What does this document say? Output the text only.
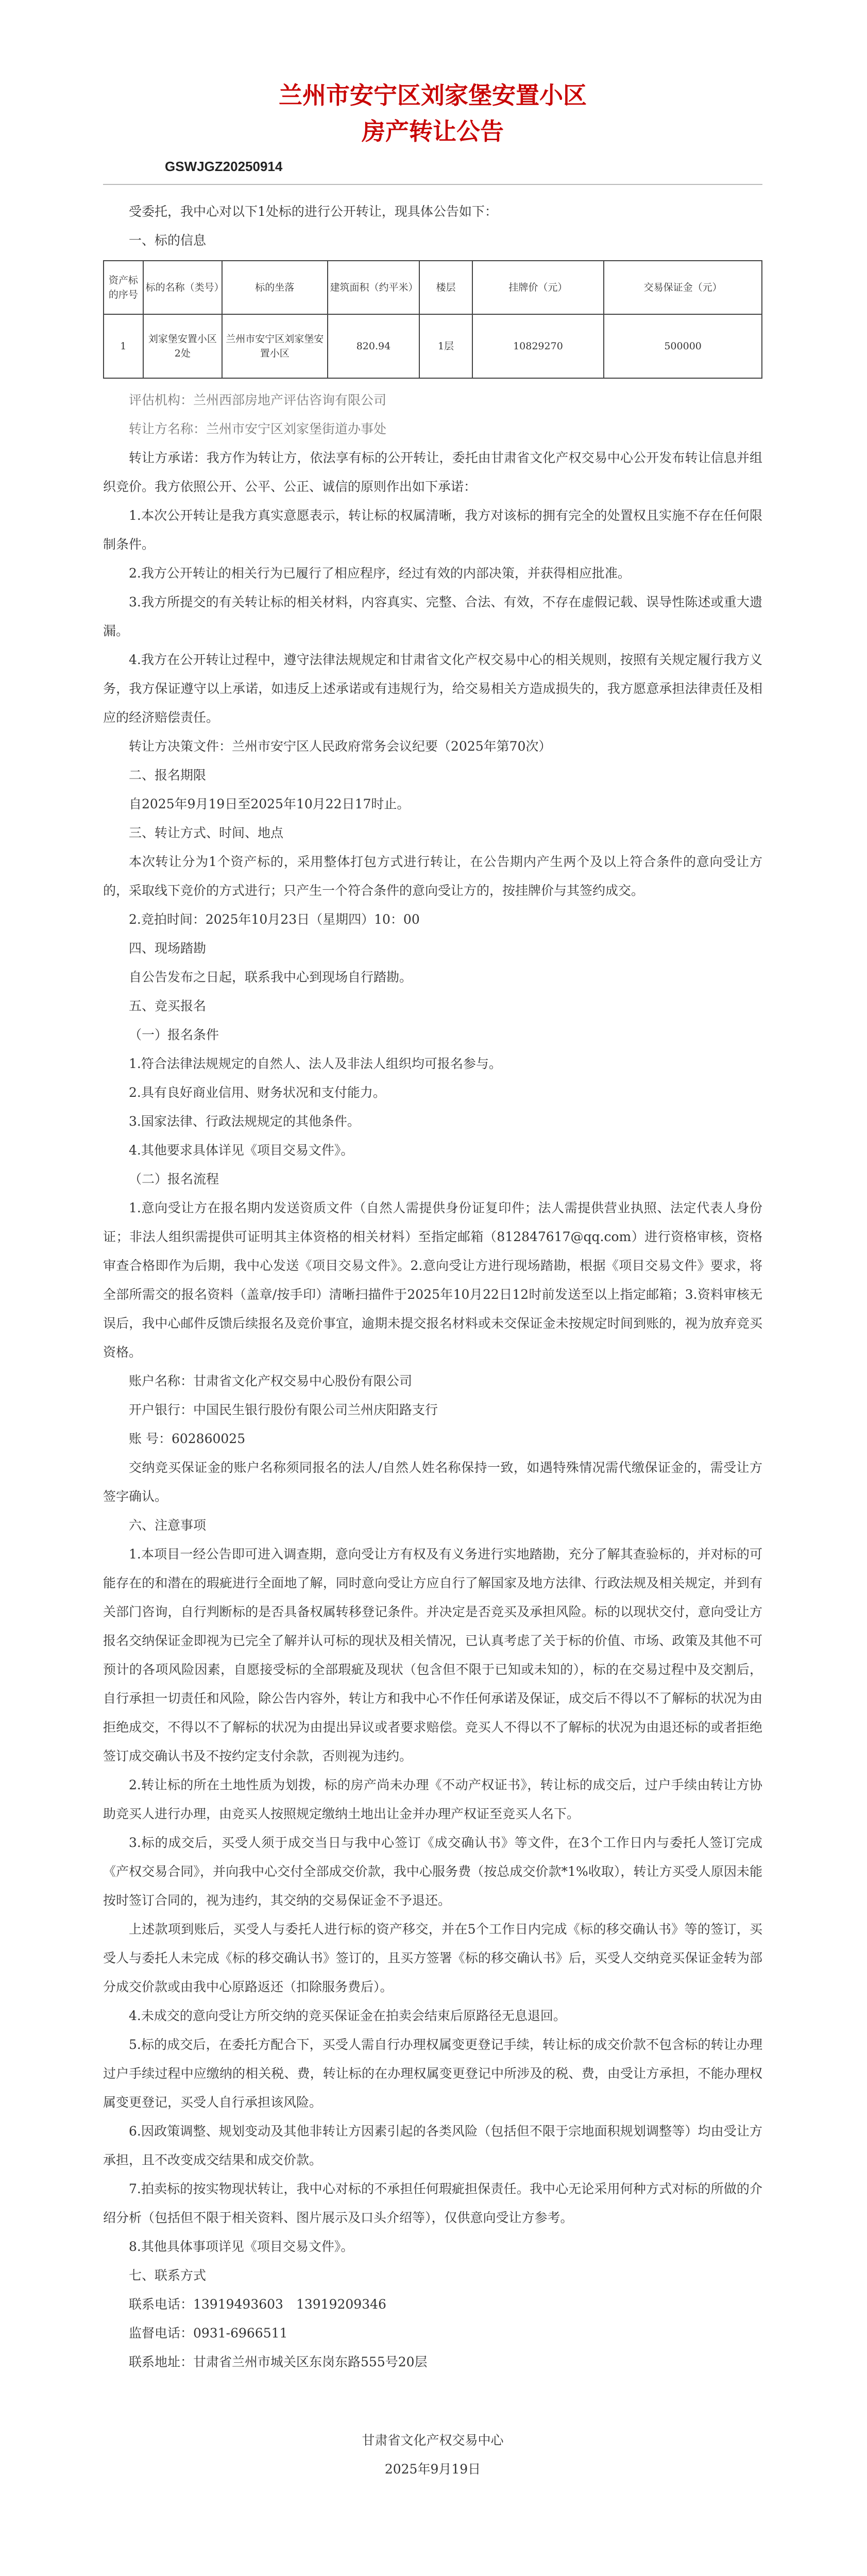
兰州市安宁区刘家堡安置小区
房产转让公告
GSWJGZ20250914

受委托，我中心对以下1处标的进行公开转让，现具体公告如下：

一、标的信息

资产标的序号	标的名称（类号）	标的坐落	建筑面积（约平米）	楼层	挂牌价（元）	交易保证金（元）
1	刘家堡安置小区2处	兰州市安宁区刘家堡安置小区	820.94	1层	10829270	500000

评估机构：兰州西部房地产评估咨询有限公司

转让方名称：兰州市安宁区刘家堡街道办事处

转让方承诺：我方作为转让方，依法享有标的公开转让，委托由甘肃省文化产权交易中心公开发布转让信息并组织竞价。我方依照公开、公平、公正、诚信的原则作出如下承诺：

1.本次公开转让是我方真实意愿表示，转让标的权属清晰，我方对该标的拥有完全的处置权且实施不存在任何限制条件。

2.我方公开转让的相关行为已履行了相应程序，经过有效的内部决策，并获得相应批准。

3.我方所提交的有关转让标的相关材料，内容真实、完整、合法、有效，不存在虚假记载、误导性陈述或重大遗漏。

4.我方在公开转让过程中，遵守法律法规规定和甘肃省文化产权交易中心的相关规则，按照有关规定履行我方义务，我方保证遵守以上承诺，如违反上述承诺或有违规行为，给交易相关方造成损失的，我方愿意承担法律责任及相应的经济赔偿责任。

转让方决策文件：兰州市安宁区人民政府常务会议纪要（2025年第70次）

二、报名期限

自2025年9月19日至2025年10月22日17时止。

三、转让方式、时间、地点

本次转让分为1个资产标的，采用整体打包方式进行转让，在公告期内产生两个及以上符合条件的意向受让方的，采取线下竞价的方式进行；只产生一个符合条件的意向受让方的，按挂牌价与其签约成交。

2.竞拍时间：2025年10月23日（星期四）10：00

四、现场踏勘

自公告发布之日起，联系我中心到现场自行踏勘。

五、竞买报名

（一）报名条件

1.符合法律法规规定的自然人、法人及非法人组织均可报名参与。

2.具有良好商业信用、财务状况和支付能力。

3.国家法律、行政法规规定的其他条件。

4.其他要求具体详见《项目交易文件》。

（二）报名流程

1.意向受让方在报名期内发送资质文件（自然人需提供身份证复印件；法人需提供营业执照、法定代表人身份证；非法人组织需提供可证明其主体资格的相关材料）至指定邮箱（812847617@qq.com）进行资格审核，资格审查合格即作为后期，我中心发送《项目交易文件》。2.意向受让方进行现场踏勘，根据《项目交易文件》要求，将全部所需交的报名资料（盖章/按手印）清晰扫描件于2025年10月22日12时前发送至以上指定邮箱；3.资料审核无误后，我中心邮件反馈后续报名及竞价事宜，逾期未提交报名材料或未交保证金未按规定时间到账的，视为放弃竞买资格。

账户名称：甘肃省文化产权交易中心股份有限公司

开户银行：中国民生银行股份有限公司兰州庆阳路支行

账 号：602860025

交纳竞买保证金的账户名称须同报名的法人/自然人姓名称保持一致，如遇特殊情况需代缴保证金的，需受让方签字确认。

六、注意事项

1.本项目一经公告即可进入调查期，意向受让方有权及有义务进行实地踏勘，充分了解其查验标的，并对标的可能存在的和潜在的瑕疵进行全面地了解，同时意向受让方应自行了解国家及地方法律、行政法规及相关规定，并到有关部门咨询，自行判断标的是否具备权属转移登记条件。并决定是否竞买及承担风险。标的以现状交付，意向受让方报名交纳保证金即视为已完全了解并认可标的现状及相关情况，已认真考虑了关于标的价值、市场、政策及其他不可预计的各项风险因素，自愿接受标的全部瑕疵及现状（包含但不限于已知或未知的），标的在交易过程中及交割后，自行承担一切责任和风险，除公告内容外，转让方和我中心不作任何承诺及保证，成交后不得以不了解标的状况为由拒绝成交，不得以不了解标的状况为由提出异议或者要求赔偿。竞买人不得以不了解标的状况为由退还标的或者拒绝签订成交确认书及不按约定支付余款，否则视为违约。

2.转让标的所在土地性质为划拨，标的房产尚未办理《不动产权证书》，转让标的成交后，过户手续由转让方协助竞买人进行办理，由竞买人按照规定缴纳土地出让金并办理产权证至竞买人名下。

3.标的成交后，买受人须于成交当日与我中心签订《成交确认书》等文件，在3个工作日内与委托人签订完成《产权交易合同》，并向我中心交付全部成交价款，我中心服务费（按总成交价款*1%收取），转让方买受人原因未能按时签订合同的，视为违约，其交纳的交易保证金不予退还。

上述款项到账后，买受人与委托人进行标的资产移交，并在5个工作日内完成《标的移交确认书》等的签订，买受人与委托人未完成《标的移交确认书》签订的，且买方签署《标的移交确认书》后，买受人交纳竞买保证金转为部分成交价款或由我中心原路返还（扣除服务费后）。

4.未成交的意向受让方所交纳的竞买保证金在拍卖会结束后原路径无息退回。

5.标的成交后，在委托方配合下，买受人需自行办理权属变更登记手续，转让标的成交价款不包含标的转让办理过户手续过程中应缴纳的相关税、费，转让标的在办理权属变更登记中所涉及的税、费，由受让方承担，不能办理权属变更登记，买受人自行承担该风险。

6.因政策调整、规划变动及其他非转让方因素引起的各类风险（包括但不限于宗地面积规划调整等）均由受让方承担，且不改变成交结果和成交价款。

7.拍卖标的按实物现状转让，我中心对标的不承担任何瑕疵担保责任。我中心无论采用何种方式对标的所做的介绍分析（包括但不限于相关资料、图片展示及口头介绍等），仅供意向受让方参考。

8.其他具体事项详见《项目交易文件》。

七、联系方式

联系电话：13919493603　13919209346

监督电话：0931-6966511

联系地址：甘肃省兰州市城关区东岗东路555号20层

甘肃省文化产权交易中心

2025年9月19日
